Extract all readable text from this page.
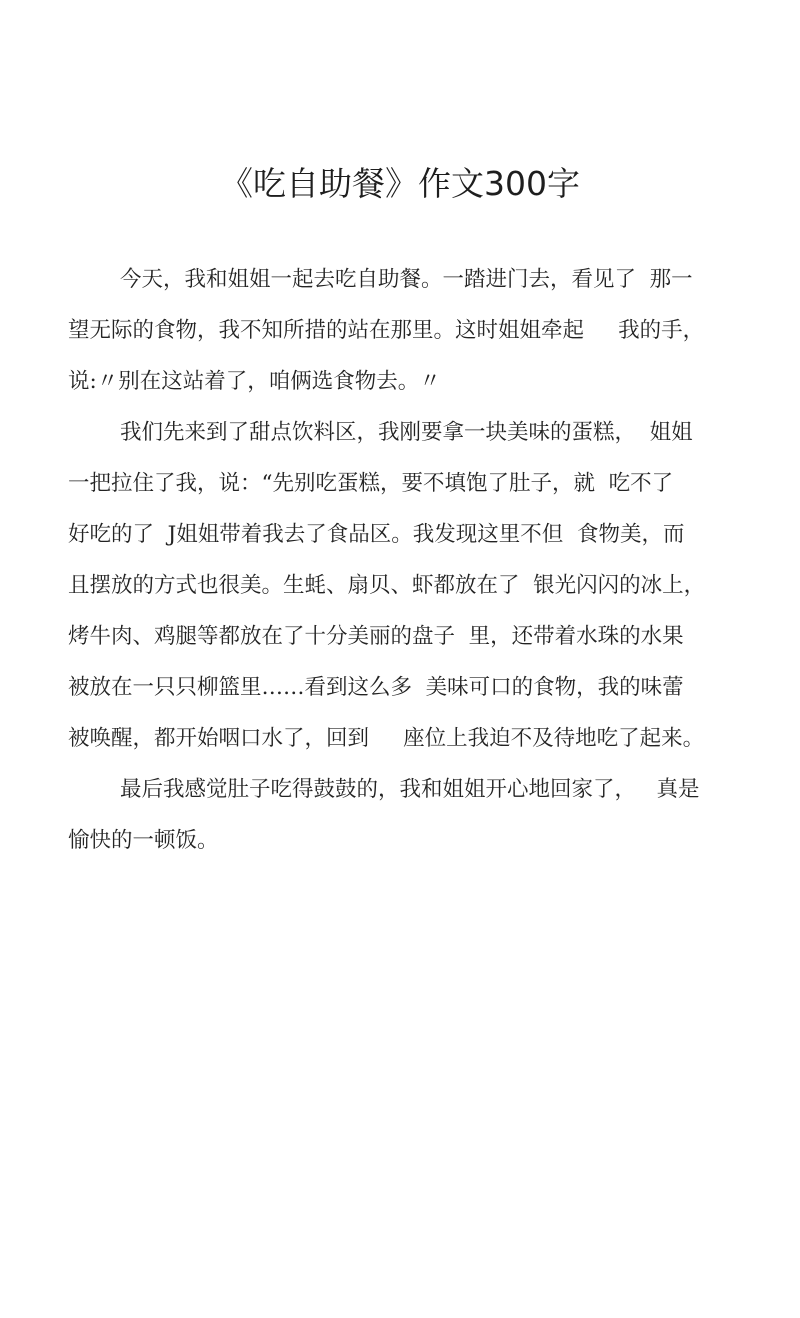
《吃自助餐》作文300字
今天，我和姐姐一起去吃自助餐。一踏进门去，看见了  那一
望无际的食物，我不知所措的站在那里。这时姐姐牵起     我的手，
说:〃别在这站着了，咱俩选食物去。〃
我们先来到了甜点饮料区，我刚要拿一块美味的蛋糕，  姐姐
一把拉住了我，说：“先别吃蛋糕，要不填饱了肚子，就  吃不了
好吃的了  J姐姐带着我去了食品区。我发现这里不但  食物美，而
且摆放的方式也很美。生蚝、扇贝、虾都放在了  银光闪闪的冰上，
烤牛肉、鸡腿等都放在了十分美丽的盘子  里，还带着水珠的水果
被放在一只只柳篮里……看到这么多  美味可口的食物，我的味蕾
被唤醒，都开始咽口水了，回到     座位上我迫不及待地吃了起来。
最后我感觉肚子吃得鼓鼓的，我和姐姐开心地回家了，   真是
愉快的一顿饭。
